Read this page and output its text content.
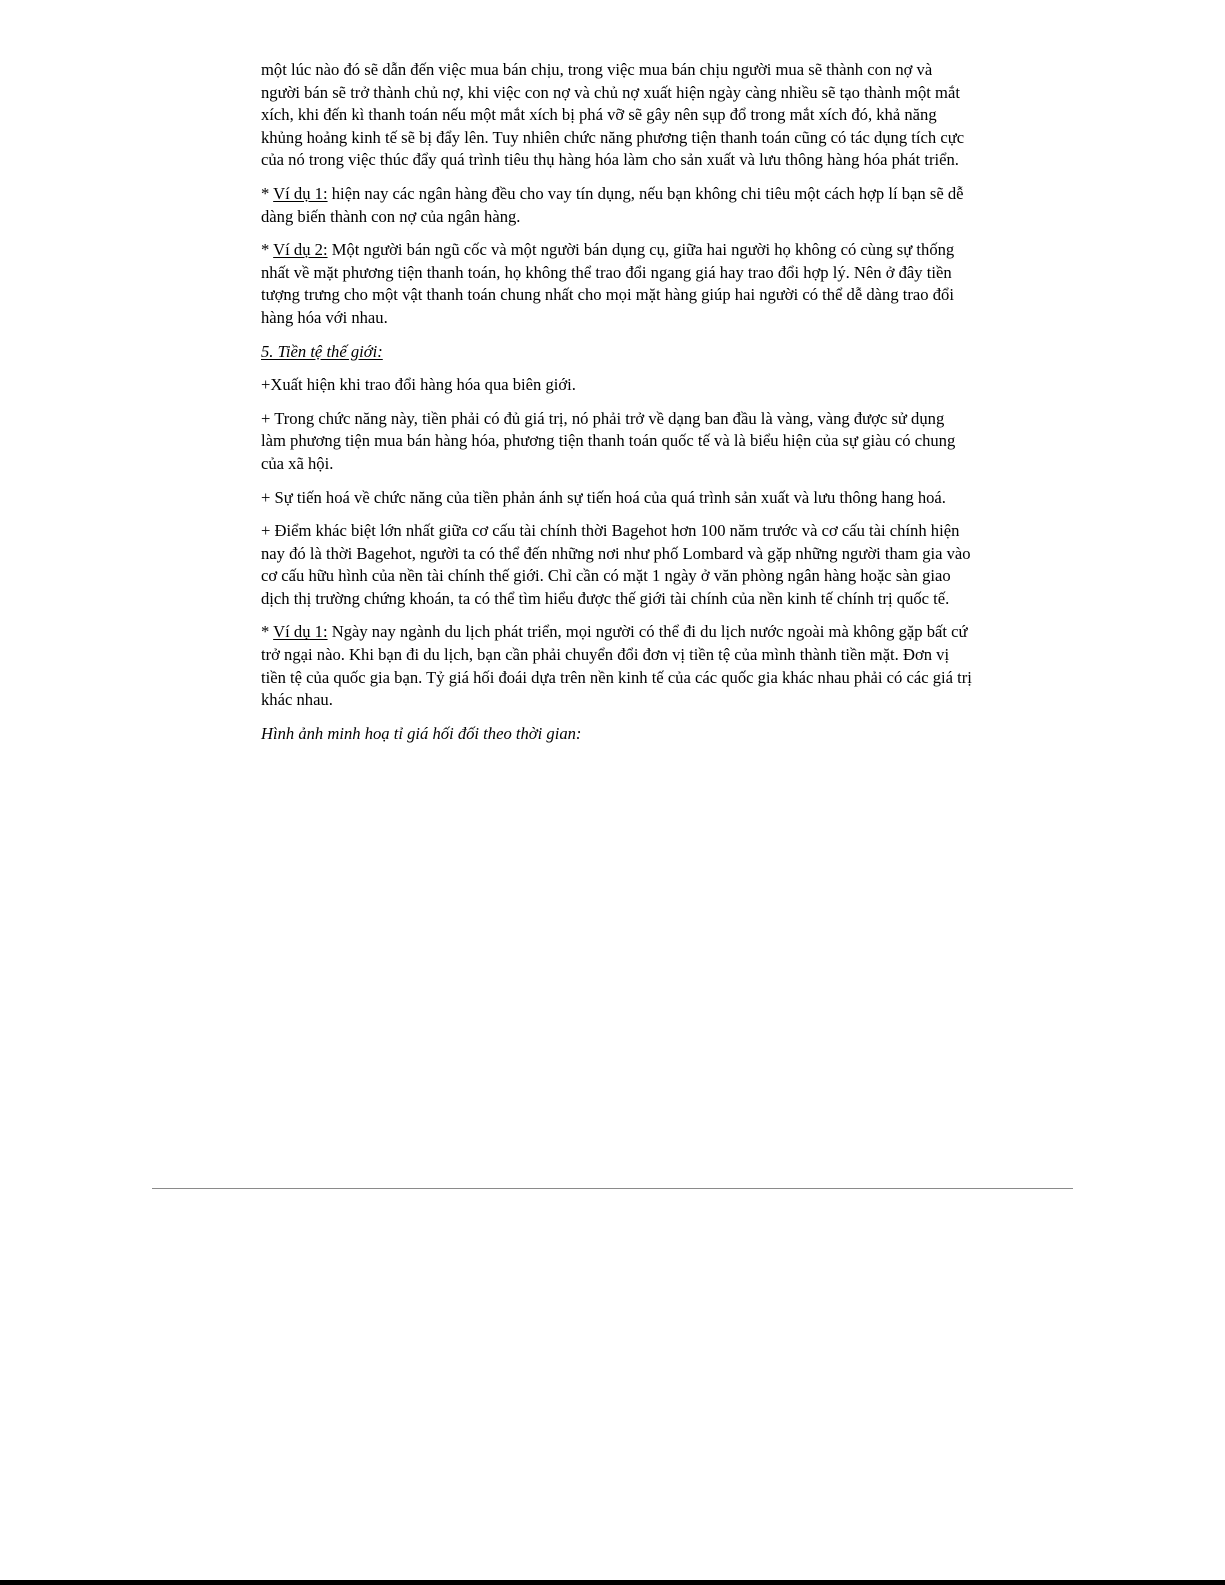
một lúc nào đó sẽ dẫn đến việc mua bán chịu, trong việc mua bán chịu người mua sẽ thành con nợ và người bán sẽ trở thành chủ nợ, khi việc con nợ và chủ nợ xuất hiện ngày càng nhiều sẽ tạo thành một mắt xích, khi đến kì thanh toán nếu một mắt xích bị phá vỡ sẽ gây nên sụp đổ trong mắt xích đó, khả năng khủng hoảng kinh tế sẽ bị đẩy lên. Tuy nhiên chức năng phương tiện thanh toán cũng có tác dụng tích cực của nó trong việc thúc đẩy quá trình tiêu thụ hàng hóa làm cho sản xuất và lưu thông hàng hóa phát triển.

* Ví dụ 1: hiện nay các ngân hàng đều cho vay tín dụng, nếu bạn không chi tiêu một cách hợp lí bạn sẽ dễ dàng biến thành con nợ của ngân hàng.

* Ví dụ 2: Một người bán ngũ cốc và một người bán dụng cụ, giữa hai người họ không có cùng sự thống nhất về mặt phương tiện thanh toán, họ không thể trao đổi ngang giá hay trao đổi hợp lý. Nên ở đây tiền tượng trưng cho một vật thanh toán chung nhất cho mọi mặt hàng giúp hai người có thể dễ dàng trao đổi hàng hóa với nhau.

5. Tiền tệ thế giới:

+Xuất hiện khi trao đổi hàng hóa qua biên giới.

+ Trong chức năng này, tiền phải có đủ giá trị, nó phải trở về dạng ban đầu là vàng, vàng được sử dụng làm phương tiện mua bán hàng hóa, phương tiện thanh toán quốc tế và là biểu hiện của sự giàu có chung của xã hội.

+ Sự tiến hoá về chức năng của tiền phản ánh sự tiến hoá của quá trình sản xuất và lưu thông hang hoá.

+ Điểm khác biệt lớn nhất giữa cơ cấu tài chính thời Bagehot hơn 100 năm trước và cơ cấu tài chính hiện nay đó là thời Bagehot, người ta có thể đến những nơi như phố Lombard và gặp những người tham gia vào cơ cấu hữu hình của nền tài chính thế giới. Chỉ cần có mặt 1 ngày ở văn phòng ngân hàng hoặc sàn giao dịch thị trường chứng khoán, ta có thể tìm hiểu được thế giới tài chính của nền kinh tế chính trị quốc tế.

* Ví dụ 1: Ngày nay ngành du lịch phát triển, mọi người có thể đi du lịch nước ngoài mà không gặp bất cứ trở ngại nào. Khi bạn đi du lịch, bạn cần phải chuyển đổi đơn vị tiền tệ của mình thành tiền mặt. Đơn vị tiền tệ của quốc gia bạn. Tỷ giá hối đoái dựa trên nền kinh tế của các quốc gia khác nhau phải có các giá trị khác nhau.

Hình ảnh minh hoạ tỉ giá hối đối theo thời gian:
